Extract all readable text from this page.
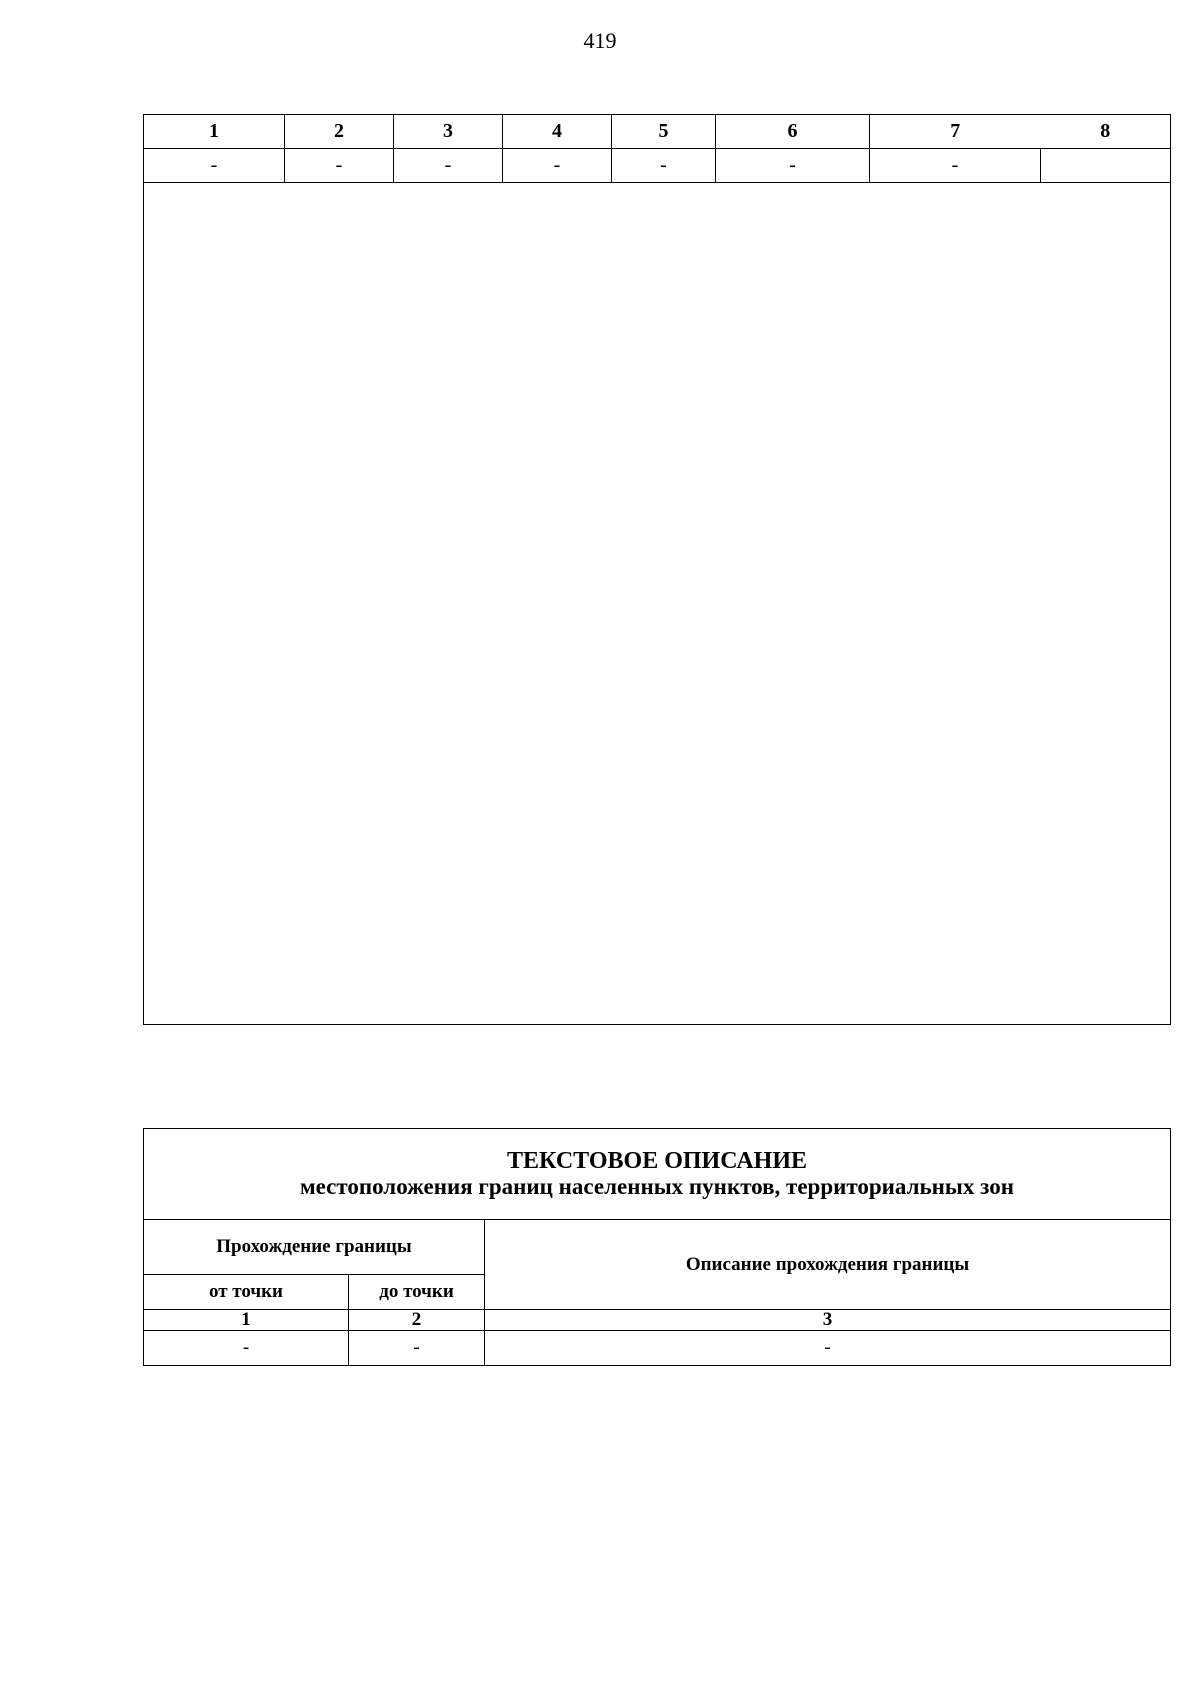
419
1	2	3	4	5	6	7	8
-	-	-	-	-	-	-	

ТЕКСТОВОЕ ОПИСАНИЕ
местоположения границ населенных пунктов, территориальных зон		

Прохождение границы		Описание прохождения границы
от точки	до точки	
1	2	3
-	-	-
